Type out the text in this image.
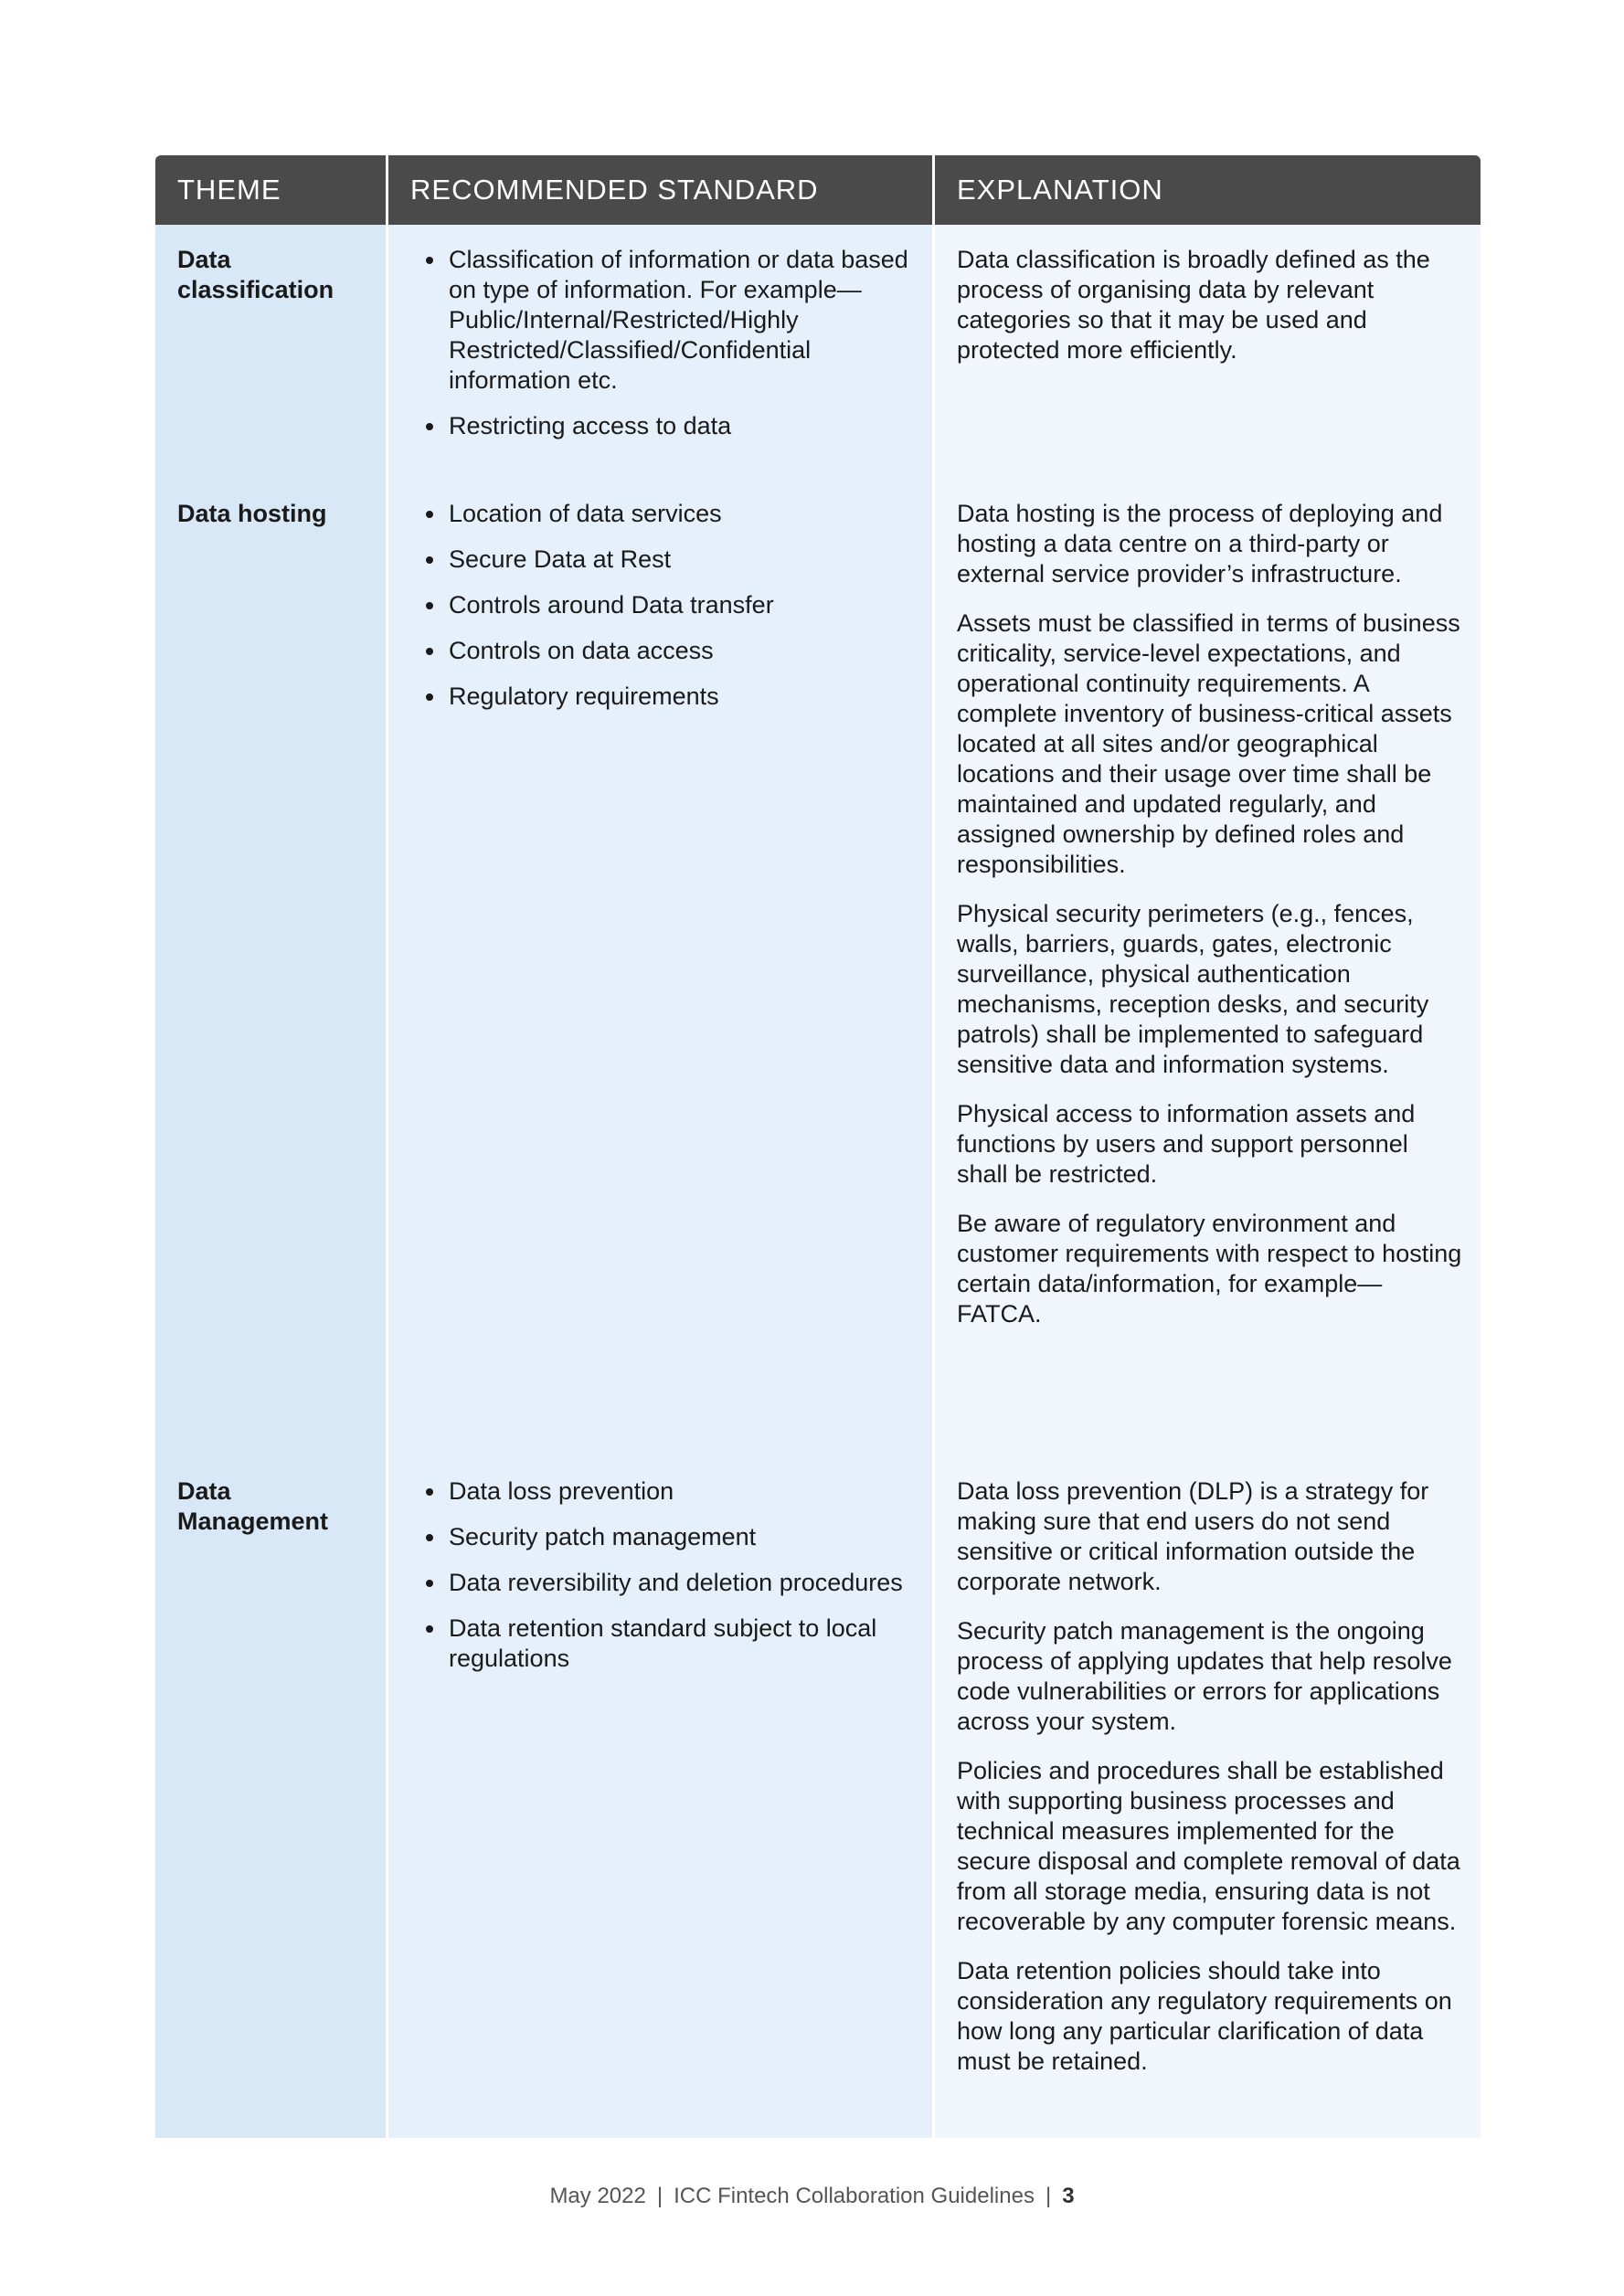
THEME	RECOMMENDED STANDARD	EXPLANATION
Data classification
• Classification of information or data based on type of information. For example—Public/Internal/Restricted/Highly Restricted/Classified/Confidential information etc.
• Restricting access to data

Data classification is broadly defined as the process of organising data by relevant categories so that it may be used and protected more efficiently.

Data hosting
•	Location of data services
• Secure Data at Rest
• Controls around Data transfer
• Controls on data access
• Regulatory requirements

Data hosting is the process of deploying and hosting a data centre on a third-party or external service provider’s infrastructure.

Assets must be classified in terms of business criticality, service-level expectations, and operational continuity requirements. A complete inventory of business-critical assets located at all sites and/or geographical locations and their usage over time shall be maintained and updated regularly, and assigned ownership by defined roles and responsibilities.

Physical security perimeters (e.g., fences, walls, barriers, guards, gates, electronic surveillance, physical authentication mechanisms, reception desks, and security patrols) shall be implemented to safeguard sensitive data and information systems.

Physical access to information assets and functions by users and support personnel shall be restricted.

Be aware of regulatory environment and customer requirements with respect to hosting certain data/information, for example—FATCA.

Data Management
• Data loss prevention
• Security patch management
• Data reversibility and deletion procedures
• Data retention standard subject to local regulations

Data loss prevention (DLP) is a strategy for making sure that end users do not send sensitive or critical information outside the corporate network.

Security patch management is the ongoing process of applying updates that help resolve code vulnerabilities or errors for applications across your system.

Policies and procedures shall be established with supporting business processes and technical measures implemented for the secure disposal and complete removal of data from all storage media, ensuring data is not recoverable by any computer forensic means.

Data retention policies should take into consideration any regulatory requirements on how long any particular clarification of data must be retained.

May 2022 | ICC Fintech Collaboration Guidelines | 3
